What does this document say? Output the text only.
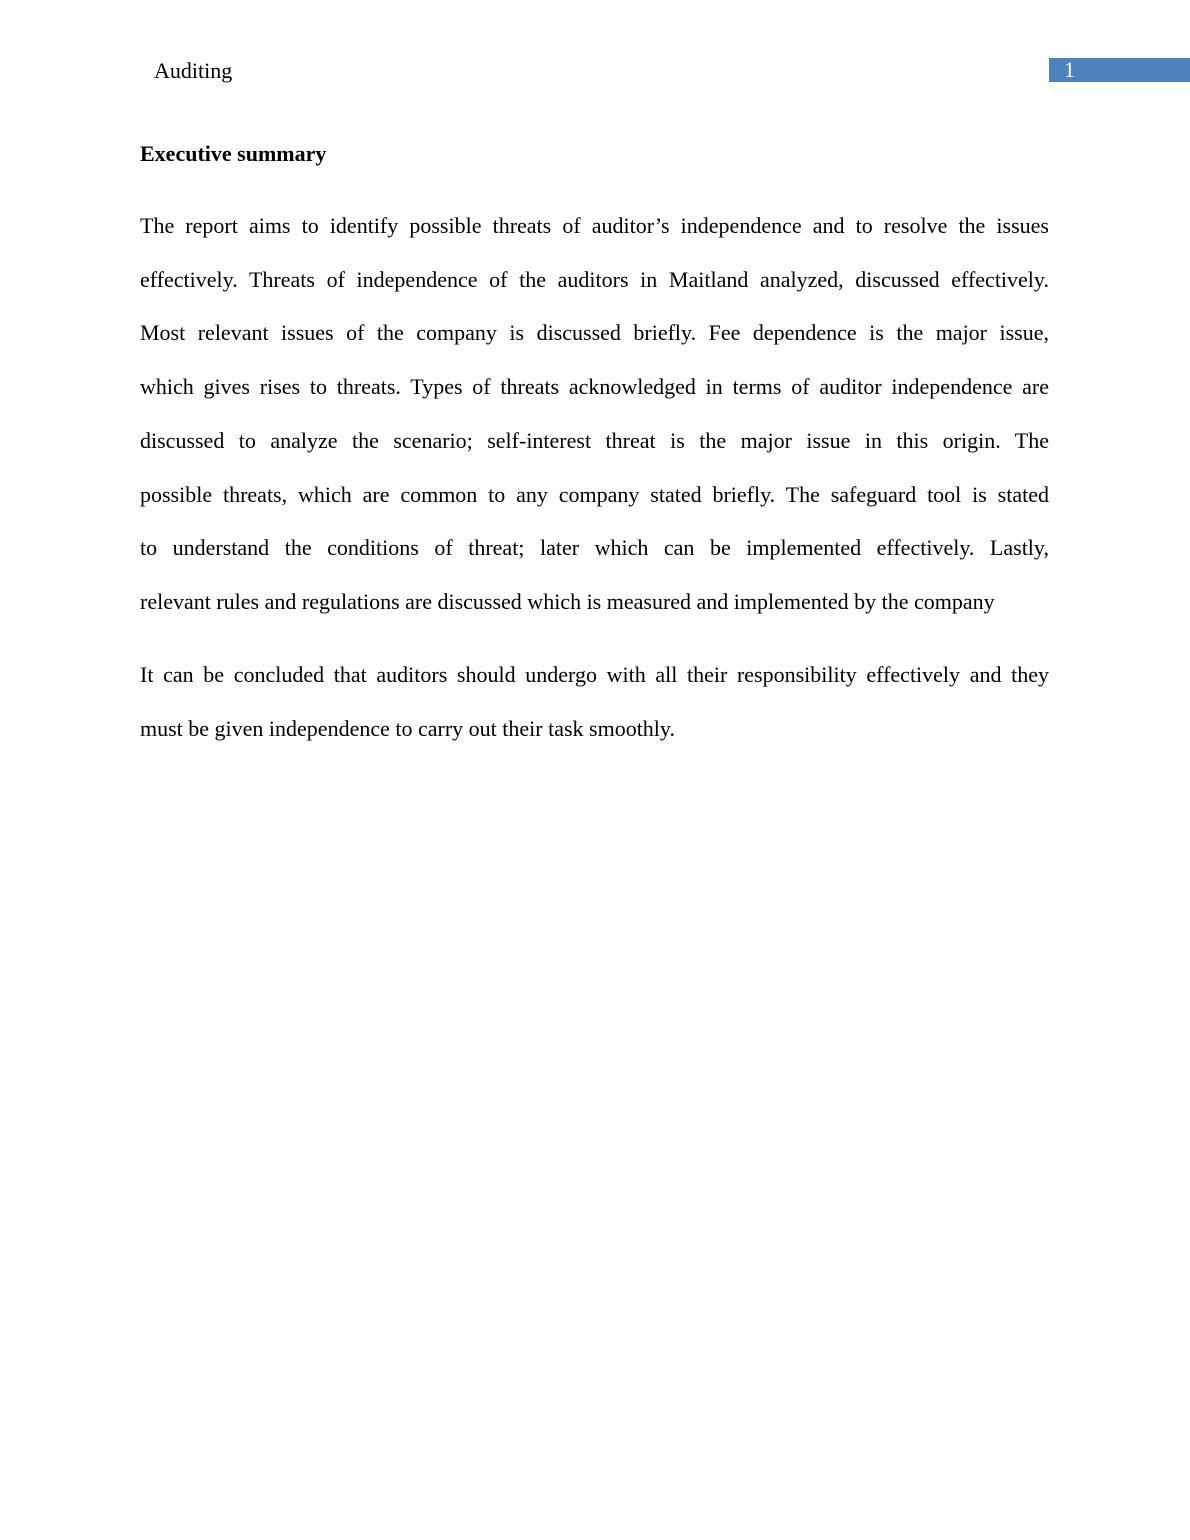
Auditing	1
Executive summary
The report aims to identify possible threats of auditor’s independence and to resolve the issues
effectively. Threats of independence of the auditors in Maitland analyzed, discussed effectively.
Most relevant issues of the company is discussed briefly. Fee dependence is the major issue,
which gives rises to threats. Types of threats acknowledged in terms of auditor independence are
discussed to analyze the scenario; self-interest threat is the major issue in this origin. The
possible threats, which are common to any company stated briefly. The safeguard tool is stated
to understand the conditions of threat; later which can be implemented effectively. Lastly,
relevant rules and regulations are discussed which is measured and implemented by the company
It can be concluded that auditors should undergo with all their responsibility effectively and they
must be given independence to carry out their task smoothly.
